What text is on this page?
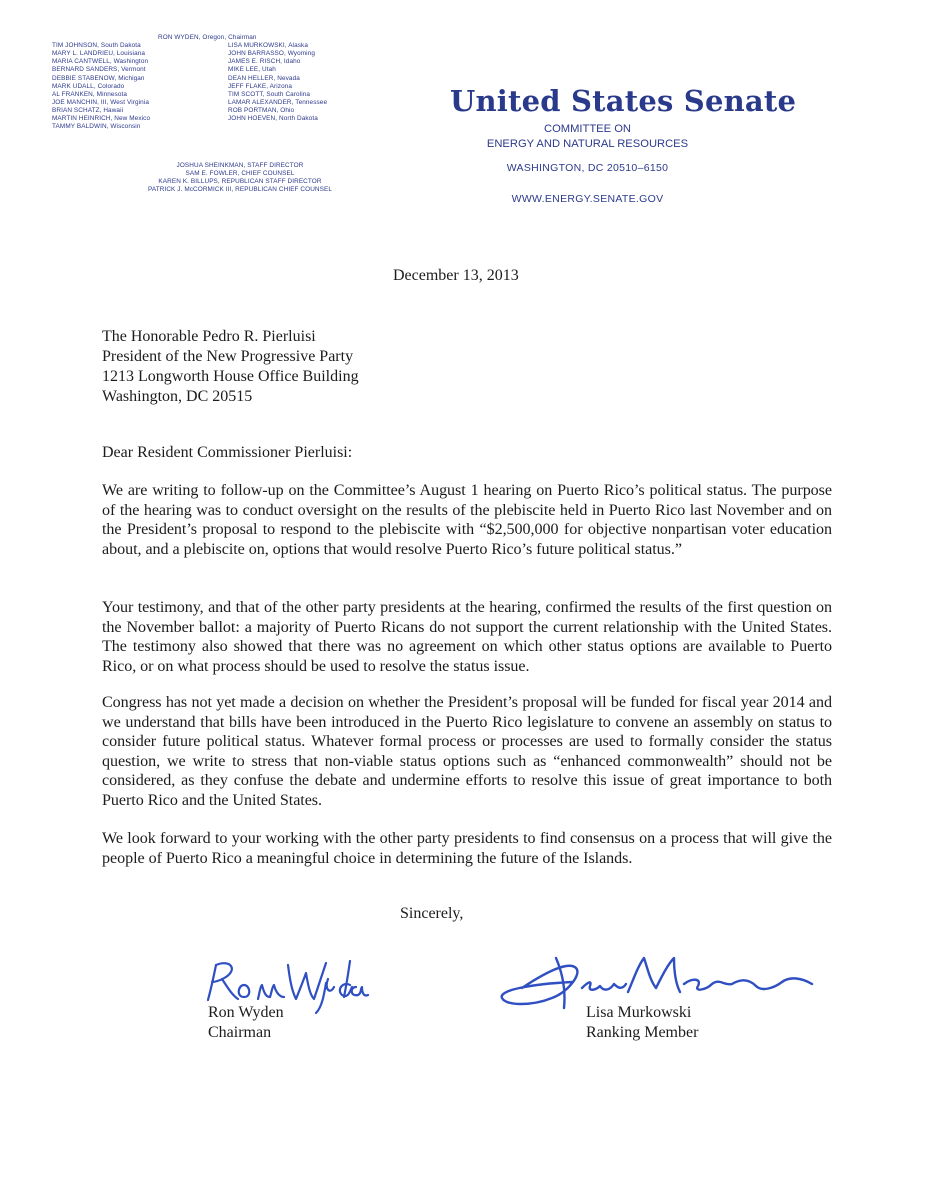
RON WYDEN, Oregon, Chairman
TIM JOHNSON, South Dakota
MARY L. LANDRIEU, Louisiana
MARIA CANTWELL, Washington
BERNARD SANDERS, Vermont
DEBBIE STABENOW, Michigan
MARK UDALL, Colorado
AL FRANKEN, Minnesota
JOE MANCHIN, III, West Virginia
BRIAN SCHATZ, Hawaii
MARTIN HEINRICH, New Mexico
TAMMY BALDWIN, Wisconsin
LISA MURKOWSKI, Alaska
JOHN BARRASSO, Wyoming
JAMES E. RISCH, Idaho
MIKE LEE, Utah
DEAN HELLER, Nevada
JEFF FLAKE, Arizona
TIM SCOTT, South Carolina
LAMAR ALEXANDER, Tennessee
ROB PORTMAN, Ohio
JOHN HOEVEN, North Dakota
JOSHUA SHEINKMAN, STAFF DIRECTOR
SAM E. FOWLER, CHIEF COUNSEL
KAREN K. BILLUPS, REPUBLICAN STAFF DIRECTOR
PATRICK J. McCORMICK III, REPUBLICAN CHIEF COUNSEL
United States Senate
COMMITTEE ON
ENERGY AND NATURAL RESOURCES
WASHINGTON, DC 20510–6150
WWW.ENERGY.SENATE.GOV
December 13, 2013
The Honorable Pedro R. Pierluisi
President of the New Progressive Party
1213 Longworth House Office Building
Washington, DC 20515
Dear Resident Commissioner Pierluisi:

We are writing to follow-up on the Committee’s August 1 hearing on Puerto Rico’s political status. The purpose of the hearing was to conduct oversight on the results of the plebiscite held in Puerto Rico last November and on the President’s proposal to respond to the plebiscite with “$2,500,000 for objective nonpartisan voter education about, and a plebiscite on, options that would resolve Puerto Rico’s future political status.”

Your testimony, and that of the other party presidents at the hearing, confirmed the results of the first question on the November ballot: a majority of Puerto Ricans do not support the current relationship with the United States. The testimony also showed that there was no agreement on which other status options are available to Puerto Rico, or on what process should be used to resolve the status issue.

Congress has not yet made a decision on whether the President’s proposal will be funded for fiscal year 2014 and we understand that bills have been introduced in the Puerto Rico legislature to convene an assembly on status to consider future political status. Whatever formal process or processes are used to formally consider the status question, we write to stress that non-viable status options such as “enhanced commonwealth” should not be considered, as they confuse the debate and undermine efforts to resolve this issue of great importance to both Puerto Rico and the United States.

We look forward to your working with the other party presidents to find consensus on a process that will give the people of Puerto Rico a meaningful choice in determining the future of the Islands.

Sincerely,
Ron Wyden
Chairman
Lisa Murkowski
Ranking Member
